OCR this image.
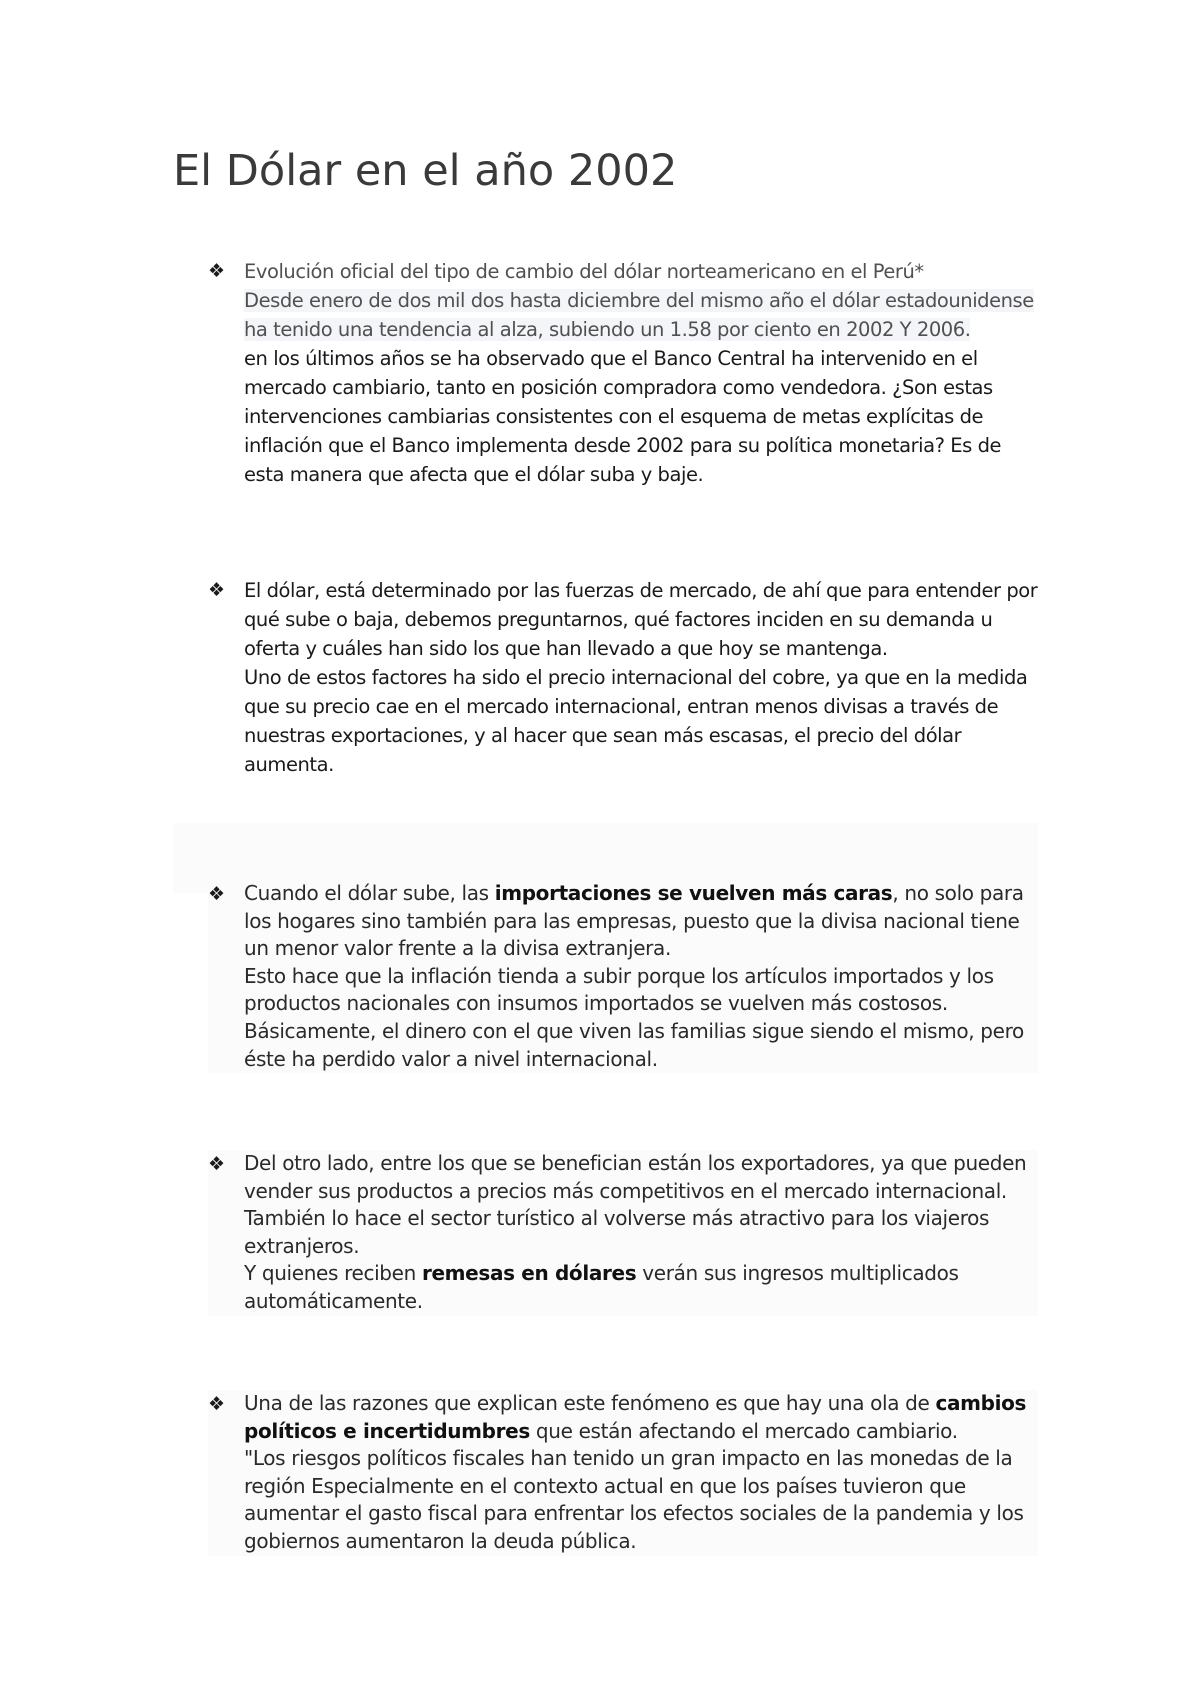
El Dólar en el año 2002
❖ Evolución oficial del tipo de cambio del dólar norteamericano en el Perú*

Desde enero de dos mil dos hasta diciembre del mismo año el dólar estadounidense ha tenido una tendencia al alza, subiendo un 1.58 por ciento en 2002 Y 2006.

en los últimos años se ha observado que el Banco Central ha intervenido en el mercado cambiario, tanto en posición compradora como vendedora. ¿Son estas intervenciones cambiarias consistentes con el esquema de metas explícitas de inflación que el Banco implementa desde 2002 para su política monetaria? Es de esta manera que afecta que el dólar suba y baje.

❖ El dólar, está determinado por las fuerzas de mercado, de ahí que para entender por qué sube o baja, debemos preguntarnos, qué factores inciden en su demanda u oferta y cuáles han sido los que han llevado a que hoy se mantenga.

Uno de estos factores ha sido el precio internacional del cobre, ya que en la medida que su precio cae en el mercado internacional, entran menos divisas a través de nuestras exportaciones, y al hacer que sean más escasas, el precio del dólar aumenta.

❖ Cuando el dólar sube, las importaciones se vuelven más caras, no solo para los hogares sino también para las empresas, puesto que la divisa nacional tiene un menor valor frente a la divisa extranjera.

Esto hace que la inflación tienda a subir porque los artículos importados y los productos nacionales con insumos importados se vuelven más costosos.

Básicamente, el dinero con el que viven las familias sigue siendo el mismo, pero éste ha perdido valor a nivel internacional.

❖ Del otro lado, entre los que se benefician están los exportadores, ya que pueden vender sus productos a precios más competitivos en el mercado internacional.

También lo hace el sector turístico al volverse más atractivo para los viajeros extranjeros.

Y quienes reciben remesas en dólares verán sus ingresos multiplicados automáticamente.

❖ Una de las razones que explican este fenómeno es que hay una ola de cambios políticos e incertidumbres que están afectando el mercado cambiario.

"Los riesgos políticos fiscales han tenido un gran impacto en las monedas de la región Especialmente en el contexto actual en que los países tuvieron que aumentar el gasto fiscal para enfrentar los efectos sociales de la pandemia y los gobiernos aumentaron la deuda pública.
